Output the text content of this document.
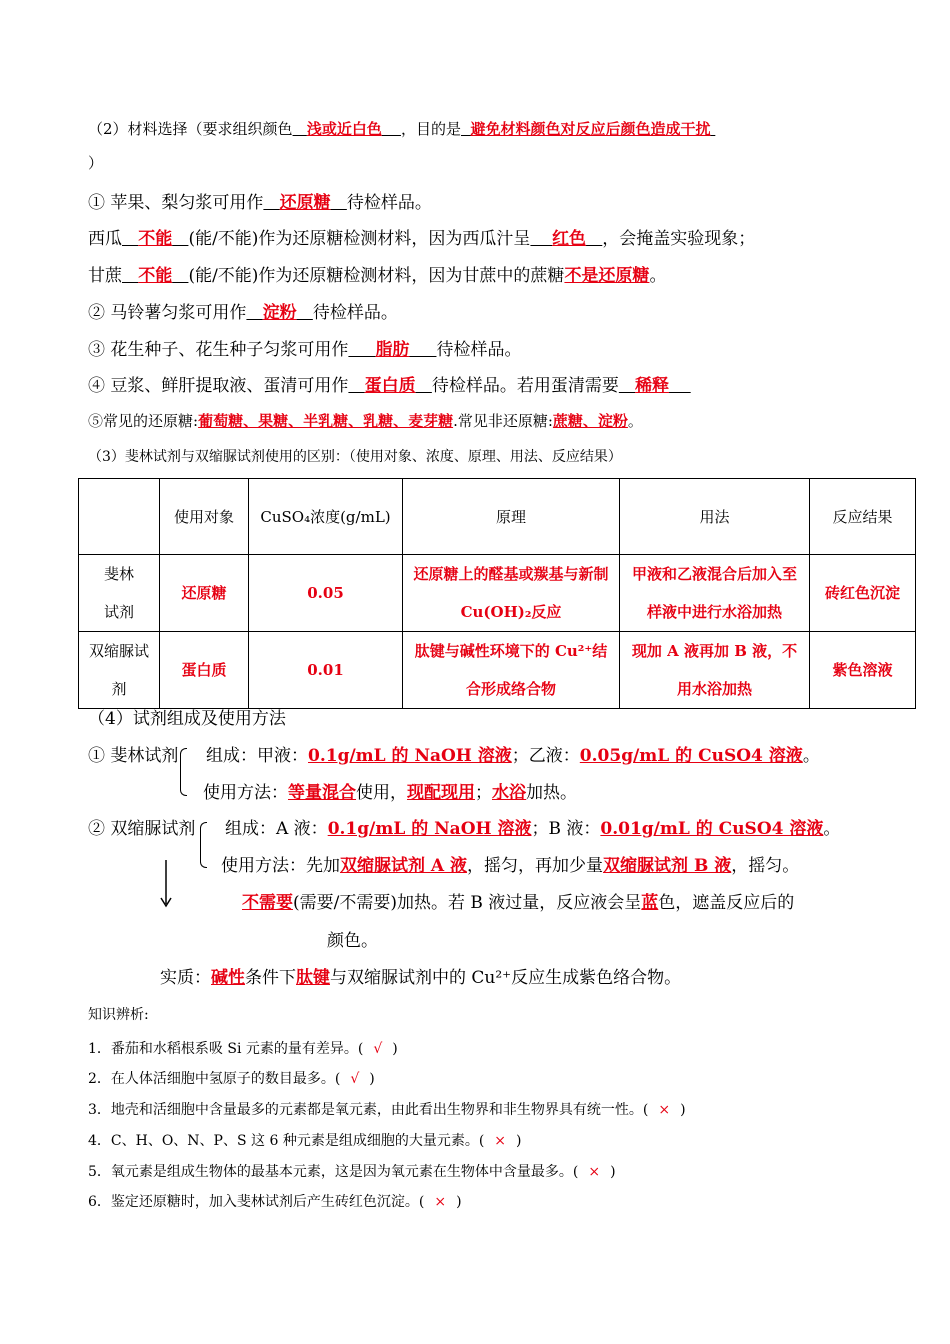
（2）材料选择（要求组织颜色 浅或近白色 ，目的是 避免材料颜色对反应后颜色造成干扰
）
① 苹果、梨匀浆可用作 还原糖 待检样品。
西瓜 不能 (能/不能)作为还原糖检测材料，因为西瓜汁呈 红色 ，会掩盖实验现象；
甘蔗 不能 (能/不能)作为还原糖检测材料，因为甘蔗中的蔗糖不是还原糖。
② 马铃薯匀浆可用作 淀粉 待检样品。
③ 花生种子、花生种子匀浆可用作 脂肪 待检样品。
④ 豆浆、鲜肝提取液、蛋清可用作 蛋白质 待检样品。若用蛋清需要 稀释
⑤常见的还原糖:葡萄糖、果糖、半乳糖、乳糖、麦芽糖.常见非还原糖:蔗糖、淀粉。
（3）斐林试剂与双缩脲试剂使用的区别：（使用对象、浓度、原理、用法、反应结果）
	使用对象	CuSO₄浓度(g/mL)	原理	用法	反应结果
斐林试剂	还原糖	0.05	还原糖上的醛基或羰基与新制 Cu(OH)₂反应	甲液和乙液混合后加入至样液中进行水浴加热	砖红色沉淀
双缩脲试剂	蛋白质	0.01	肽键与碱性环境下的 Cu²⁺结合形成络合物	现加 A 液再加 B 液，不用水浴加热	紫色溶液
（4）试剂组成及使用方法
① 斐林试剂 组成：甲液：0.1g/mL 的 NaOH 溶液；乙液：0.05g/mL 的 CuSO4 溶液。
使用方法：等量混合使用，现配现用；水浴加热。
② 双缩脲试剂 组成：A 液：0.1g/mL 的 NaOH 溶液；B 液：0.01g/mL 的 CuSO4 溶液。
使用方法：先加双缩脲试剂 A 液，摇匀，再加少量双缩脲试剂 B 液，摇匀。
不需要(需要/不需要)加热。若 B 液过量，反应液会呈蓝色，遮盖反应后的
颜色。
实质：碱性条件下肽键与双缩脲试剂中的 Cu²⁺反应生成紫色络合物。
知识辨析:
1．番茄和水稻根系吸 Si 元素的量有差异。( √ )
2．在人体活细胞中氢原子的数目最多。( √ )
3．地壳和活细胞中含量最多的元素都是氧元素，由此看出生物界和非生物界具有统一性。( × )
4．C、H、O、N、P、S 这 6 种元素是组成细胞的大量元素。( × )
5．氧元素是组成生物体的最基本元素，这是因为氧元素在生物体中含量最多。( × )
6．鉴定还原糖时，加入斐林试剂后产生砖红色沉淀。( × )
